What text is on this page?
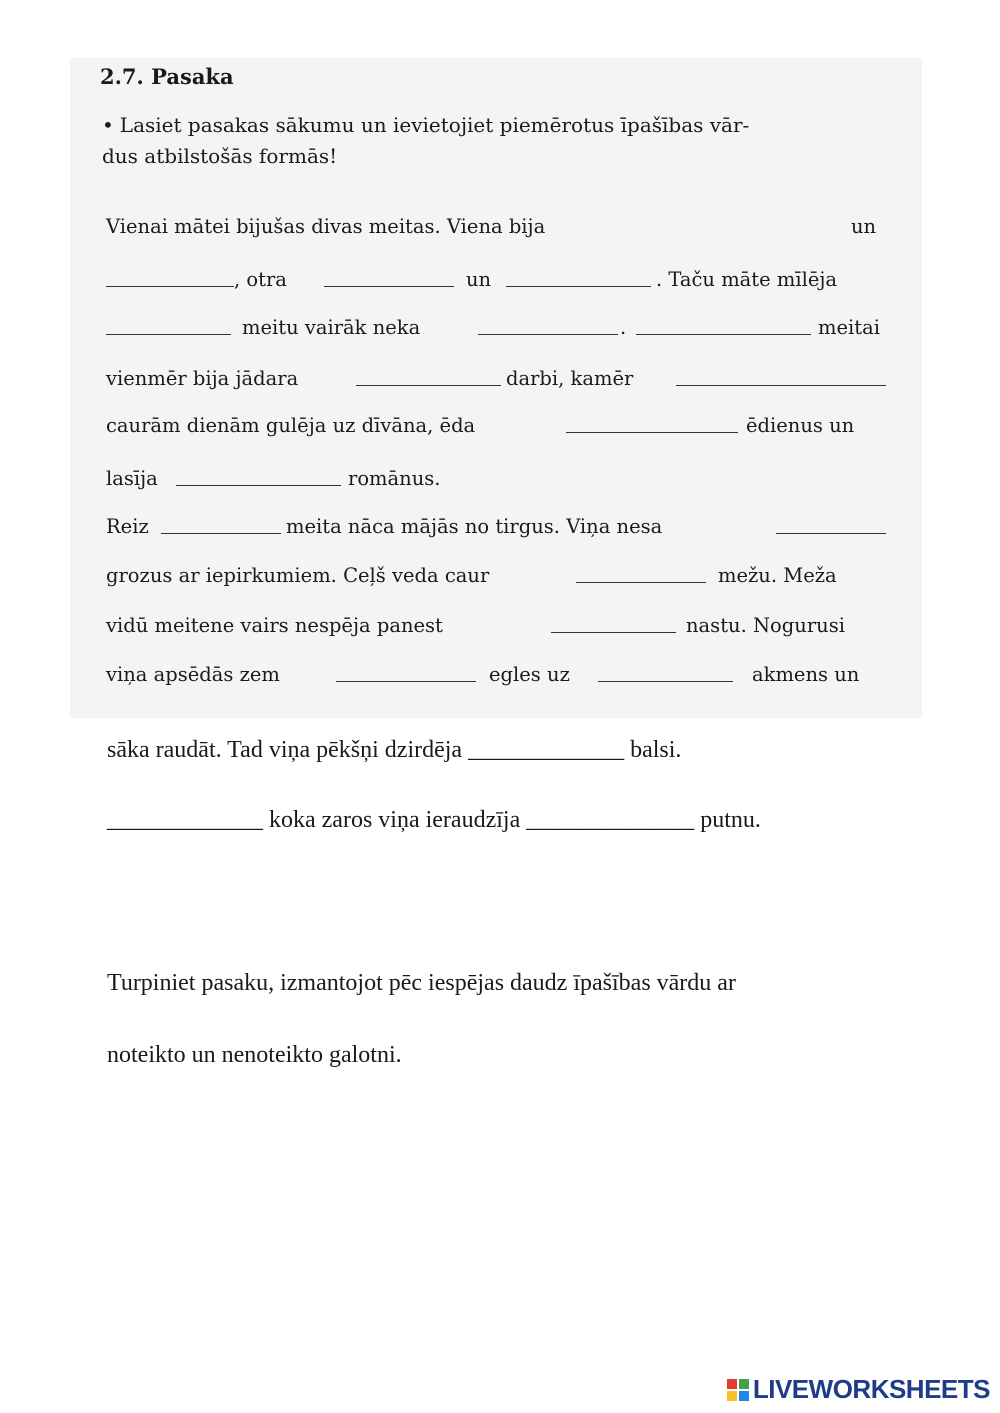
2.7. Pasaka
• Lasiet pasakas sākumu un ievietojiet piemērotus īpašības vār-
dus atbilstošās formās!
Vienai mātei bijušas divas meitas. Viena bija	un
, otra	un	. Taču māte mīlēja
meitu vairāk neka	.	meitai
vienmēr bija jādara	darbi, kamēr
caurām dienām gulēja uz dīvāna, ēda	ēdienus un
lasīja	romānus.
Reiz	meita nāca mājās no tirgus. Viņa nesa
grozus ar iepirkumiem. Ceļš veda caur	mežu. Meža
vidū meitene vairs nespēja panest	nastu. Nogurusi
viņa apsēdās zem	egles uz	akmens un
sāka raudāt. Tad viņa pēkšņi dzirdēja _____________ balsi.
_____________ koka zaros viņa ieraudzīja ______________ putnu.
Turpiniet pasaku, izmantojot pēc iespējas daudz īpašības vārdu ar
noteikto un nenoteikto galotni.
LIVEWORKSHEETS
